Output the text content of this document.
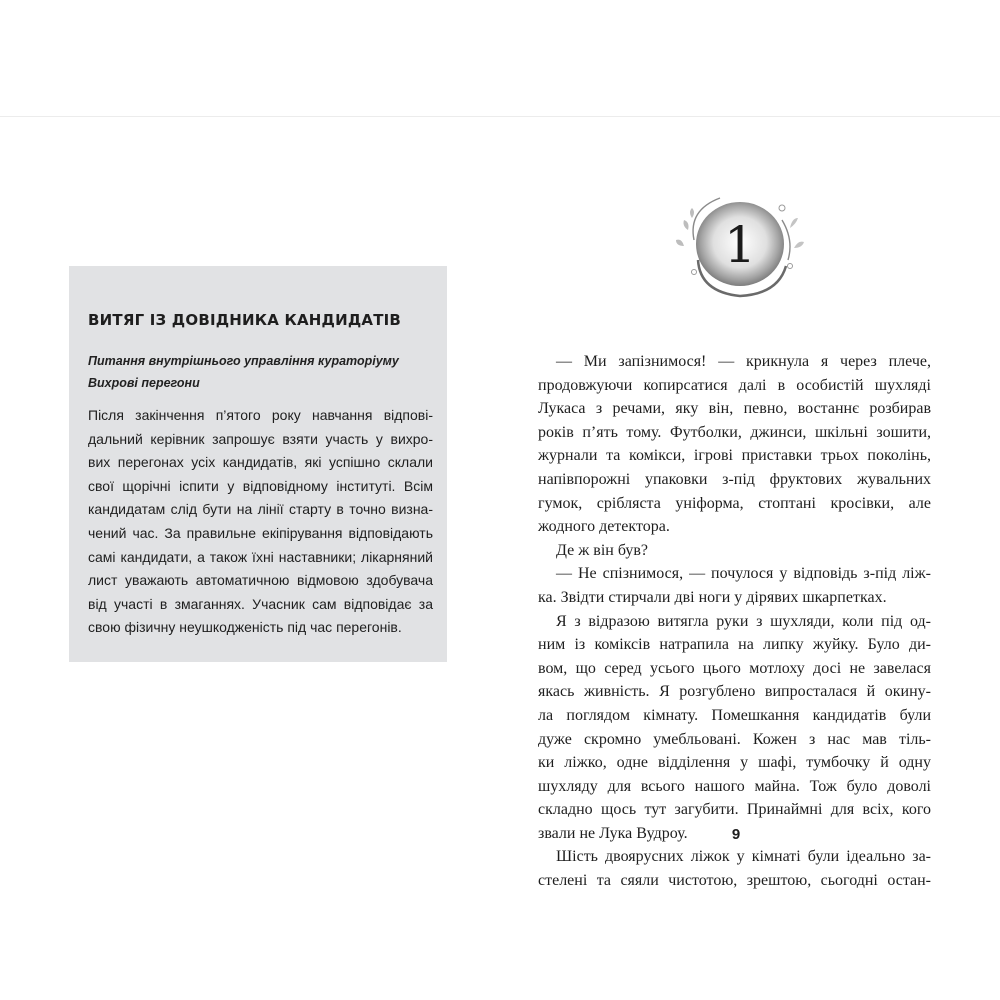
ВИТЯГ ІЗ ДОВІДНИКА КАНДИДАТІВ
Питання внутрішнього управління кураторіуму
Вихрові перегони
Після закінчення п’ятого року навчання відпові-
дальний керівник запрошує взяти участь у вихро-
вих перегонах усіх кандидатів, які успішно склали
свої щорічні іспити у відповідному інституті. Всім
кандидатам слід бути на лінії старту в точно визна-
чений час. За правильне екіпірування відповідають
самі кандидати, а також їхні наставники; лікарняний
лист уважають автоматичною відмовою здобувача
від участі в змаганнях. Учасник сам відповідає за
свою фізичну неушкодженість під час перегонів.
1
— Ми запізнимося! — крикнула я через плече,
продовжуючи копирсатися далі в особистій шухляді
Лукаса з речами, яку він, певно, востаннє розбирав
років п’ять тому. Футболки, джинси, шкільні зошити,
журнали та комікси, ігрові приставки трьох поколінь,
напівпорожні упаковки з-під фруктових жувальних
гумок, срібляста уніформа, стоптані кросівки, але
жодного детектора.
Де ж він був?
— Не спізнимося, — почулося у відповідь з-під ліж-
ка. Звідти стирчали дві ноги у дірявих шкарпетках.
Я з відразою витягла руки з шухляди, коли під од-
ним із коміксів натрапила на липку жуйку. Було ди-
вом, що серед усього цього мотлоху досі не завелася
якась живність. Я розгублено випросталася й окину-
ла поглядом кімнату. Помешкання кандидатів були
дуже скромно умебльовані. Кожен з нас мав тіль-
ки ліжко, одне відділення у шафі, тумбочку й одну
шухляду для всього нашого майна. Тож було доволі
складно щось тут загубити. Принаймні для всіх, кого
звали не Лука Вудроу.
Шість двоярусних ліжок у кімнаті були ідеально за-
стелені та сяяли чистотою, зрештою, сьогодні остан-
9
